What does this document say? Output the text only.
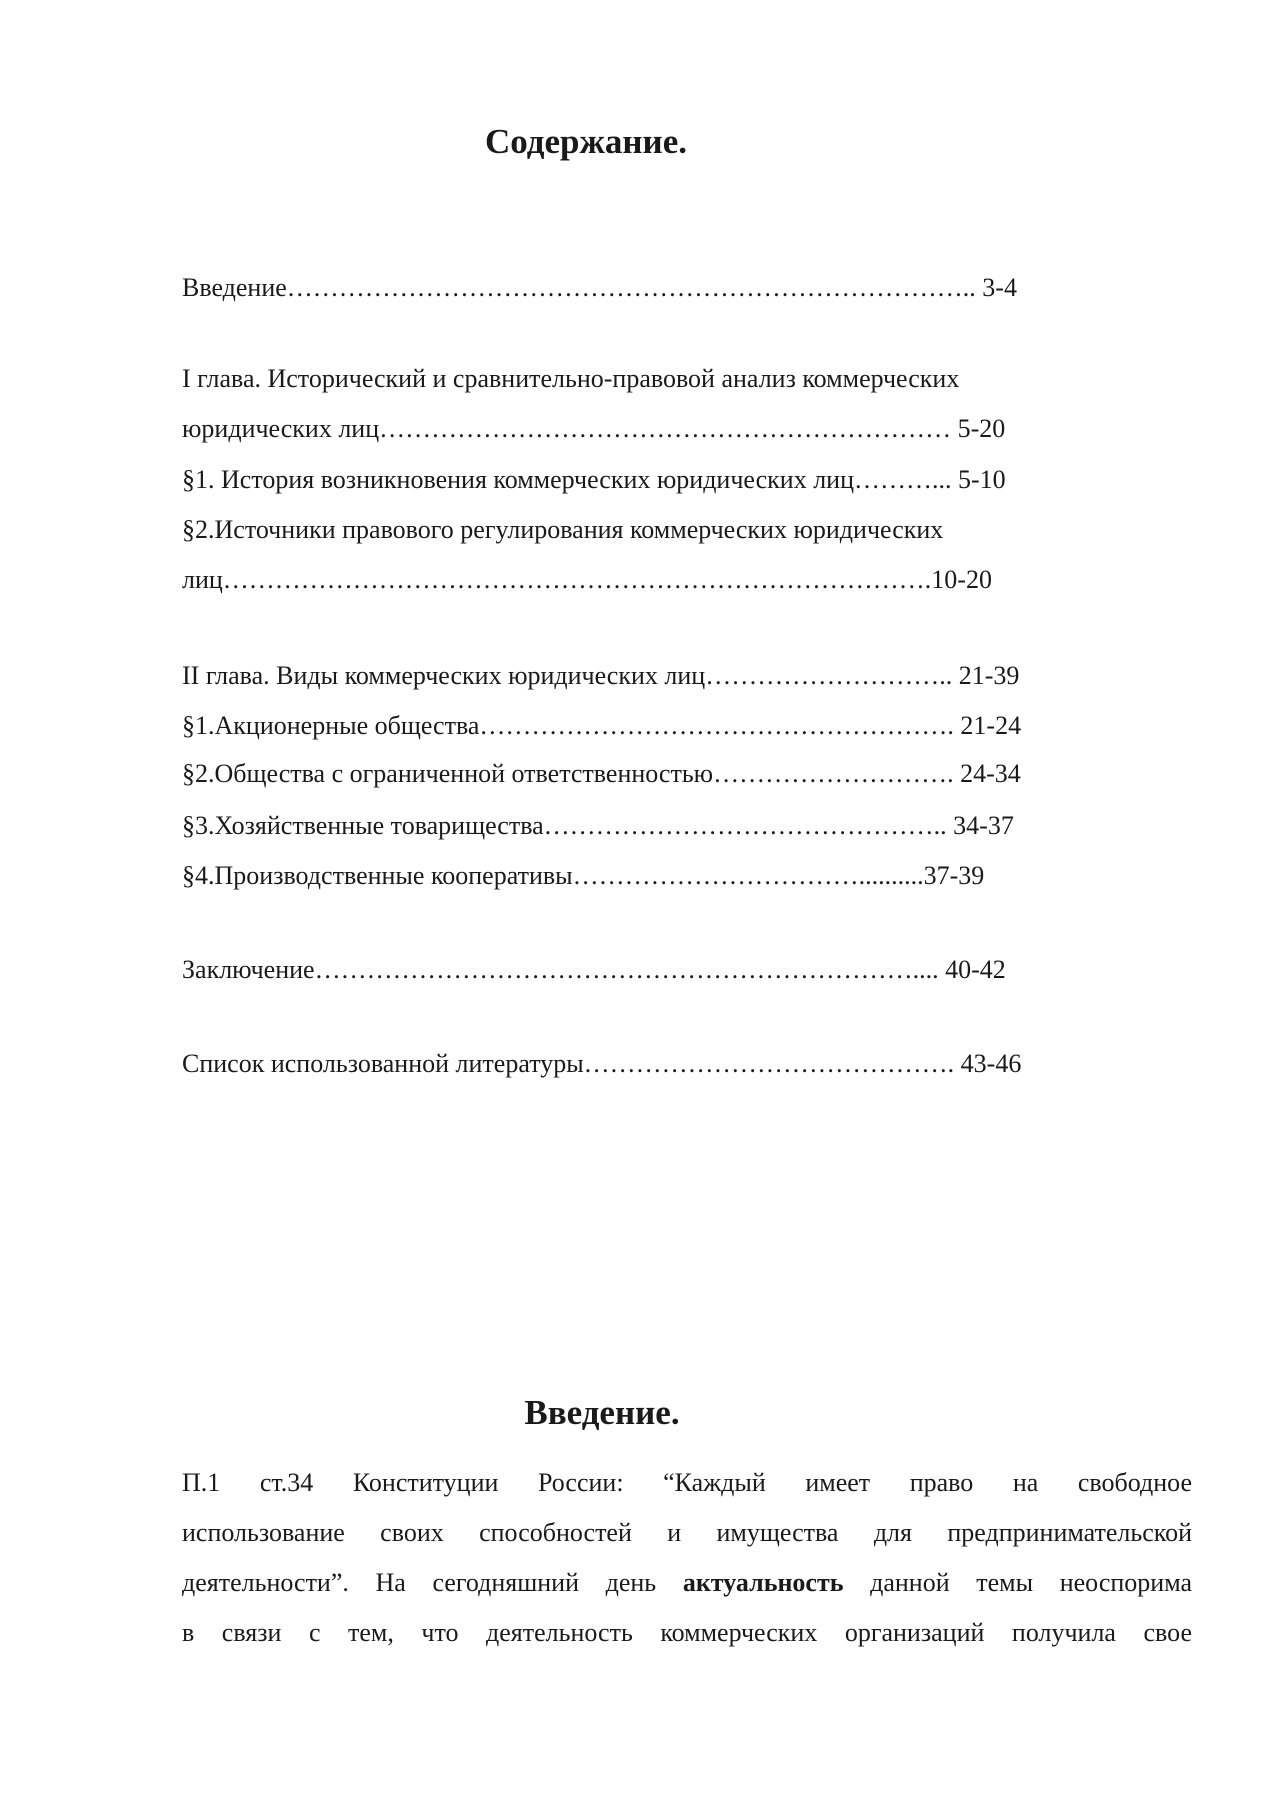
Содержание.

Введение…………………………………………………………………….. 3-4

I глава. Исторический и сравнительно-правовой анализ коммерческих

юридических лиц………………………………………………………… 5-20

§1. История возникновения коммерческих юридических лиц………... 5-10

§2.Источники правового регулирования коммерческих юридических

лиц……………………………………………………………………….10-20

II глава. Виды коммерческих юридических лиц……………………….. 21-39

§1.Акционерные общества………………………………………………. 21-24

§2.Общества с ограниченной ответственностью………………………. 24-34

§3.Хозяйственные товарищества……………………………………….. 34-37

§4.Производственные кооперативы……………………………..........37-39

Заключение…………………………………………………………….... 40-42

Список использованной литературы……………………………………. 43-46

Введение.
П.1 ст.34 Конституции России: “Каждый имеет право на свободное
использование своих способностей и имущества для предпринимательской
деятельности”. На сегодняшний день актуальность данной темы неоспорима
в связи с тем, что деятельность коммерческих организаций получила свое
